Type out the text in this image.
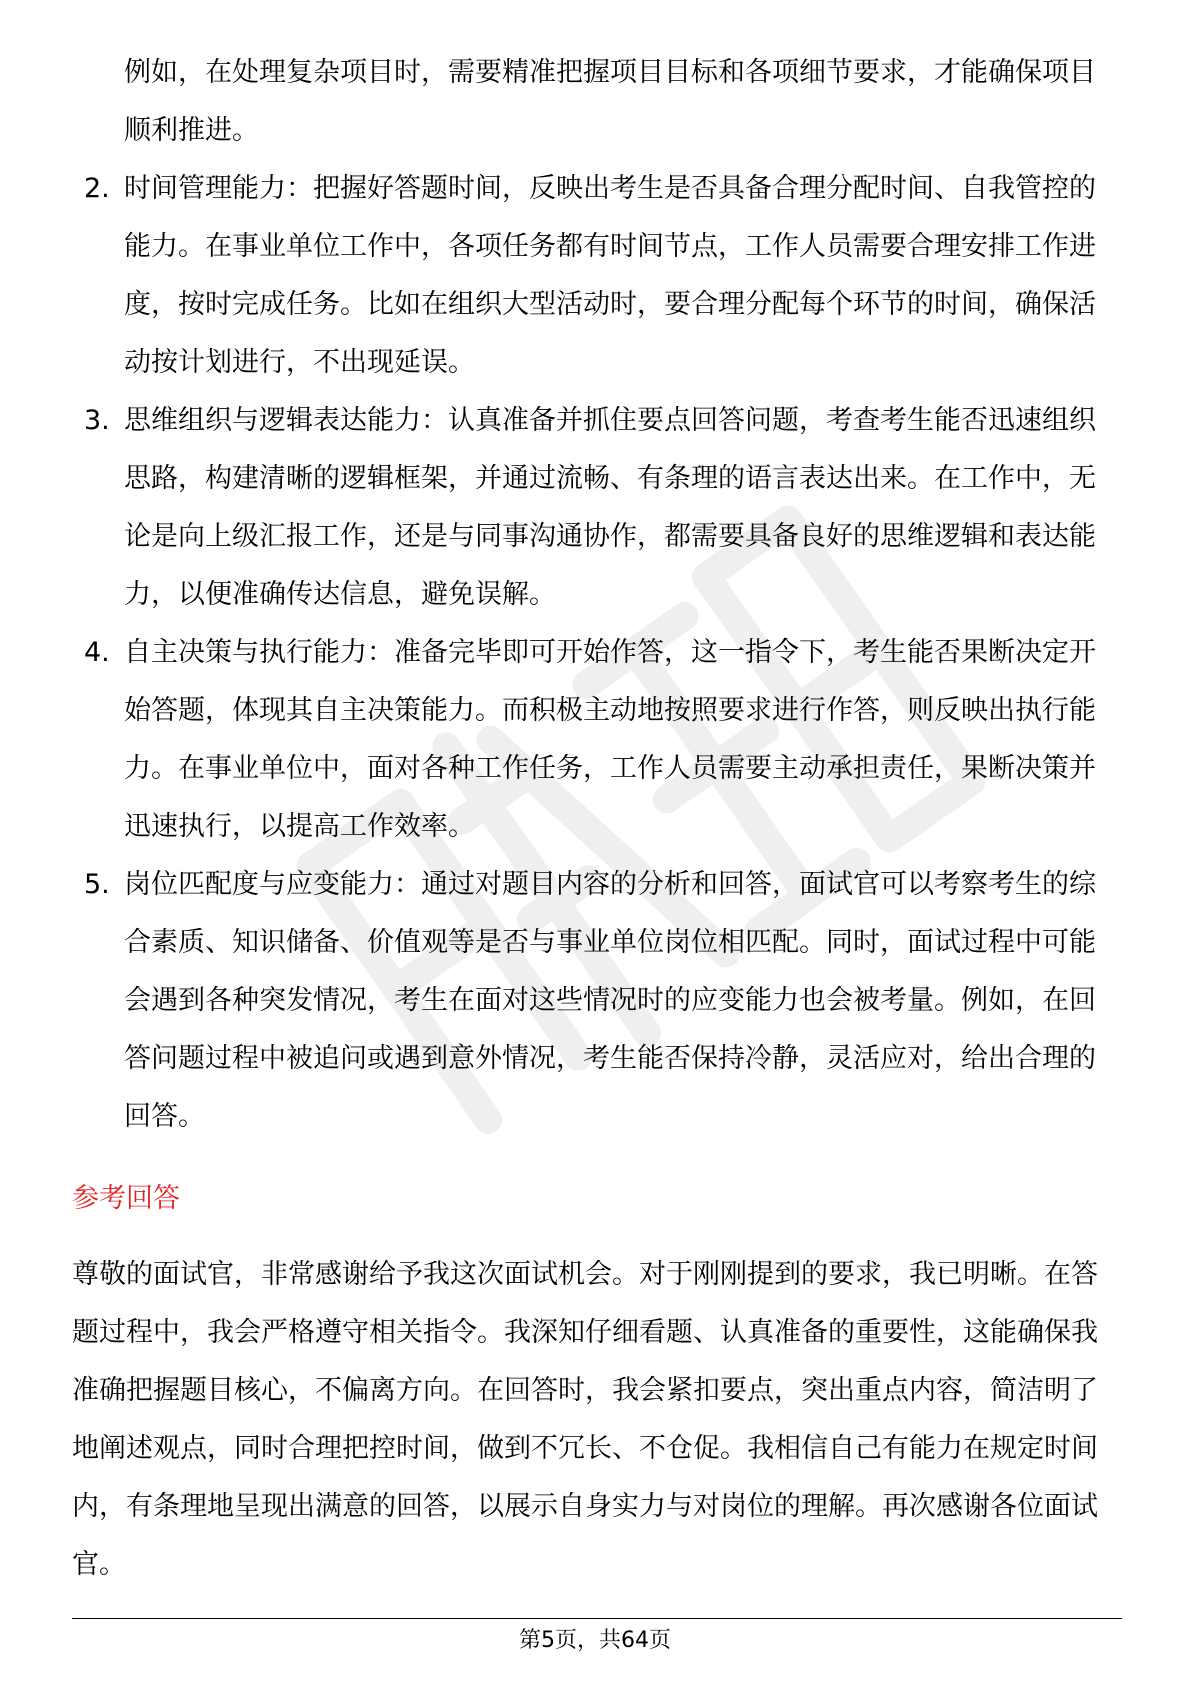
例如，在处理复杂项目时，需要精准把握项目目标和各项细节要求，才能确保项目顺利推进。

2. 时间管理能力：把握好答题时间，反映出考生是否具备合理分配时间、自我管控的能力。在事业单位工作中，各项任务都有时间节点，工作人员需要合理安排工作进度，按时完成任务。比如在组织大型活动时，要合理分配每个环节的时间，确保活动按计划进行，不出现延误。
3. 思维组织与逻辑表达能力：认真准备并抓住要点回答问题，考查考生能否迅速组织思路，构建清晰的逻辑框架，并通过流畅、有条理的语言表达出来。在工作中，无论是向上级汇报工作，还是与同事沟通协作，都需要具备良好的思维逻辑和表达能力，以便准确传达信息，避免误解。
4. 自主决策与执行能力：准备完毕即可开始作答，这一指令下，考生能否果断决定开始答题，体现其自主决策能力。而积极主动地按照要求进行作答，则反映出执行能力。在事业单位中，面对各种工作任务，工作人员需要主动承担责任，果断决策并迅速执行，以提高工作效率。
5. 岗位匹配度与应变能力：通过对题目内容的分析和回答，面试官可以考察考生的综合素质、知识储备、价值观等是否与事业单位岗位相匹配。同时，面试过程中可能会遇到各种突发情况，考生在面对这些情况时的应变能力也会被考量。例如，在回答问题过程中被追问或遇到意外情况，考生能否保持冷静，灵活应对，给出合理的回答。
参考回答

尊敬的面试官，非常感谢给予我这次面试机会。对于刚刚提到的要求，我已明晰。在答题过程中，我会严格遵守相关指令。我深知仔细看题、认真准备的重要性，这能确保我准确把握题目核心，不偏离方向。在回答时，我会紧扣要点，突出重点内容，简洁明了地阐述观点，同时合理把控时间，做到不冗长、不仓促。我相信自己有能力在规定时间内，有条理地呈现出满意的回答，以展示自身实力与对岗位的理解。再次感谢各位面试官。

第5页，共64页
